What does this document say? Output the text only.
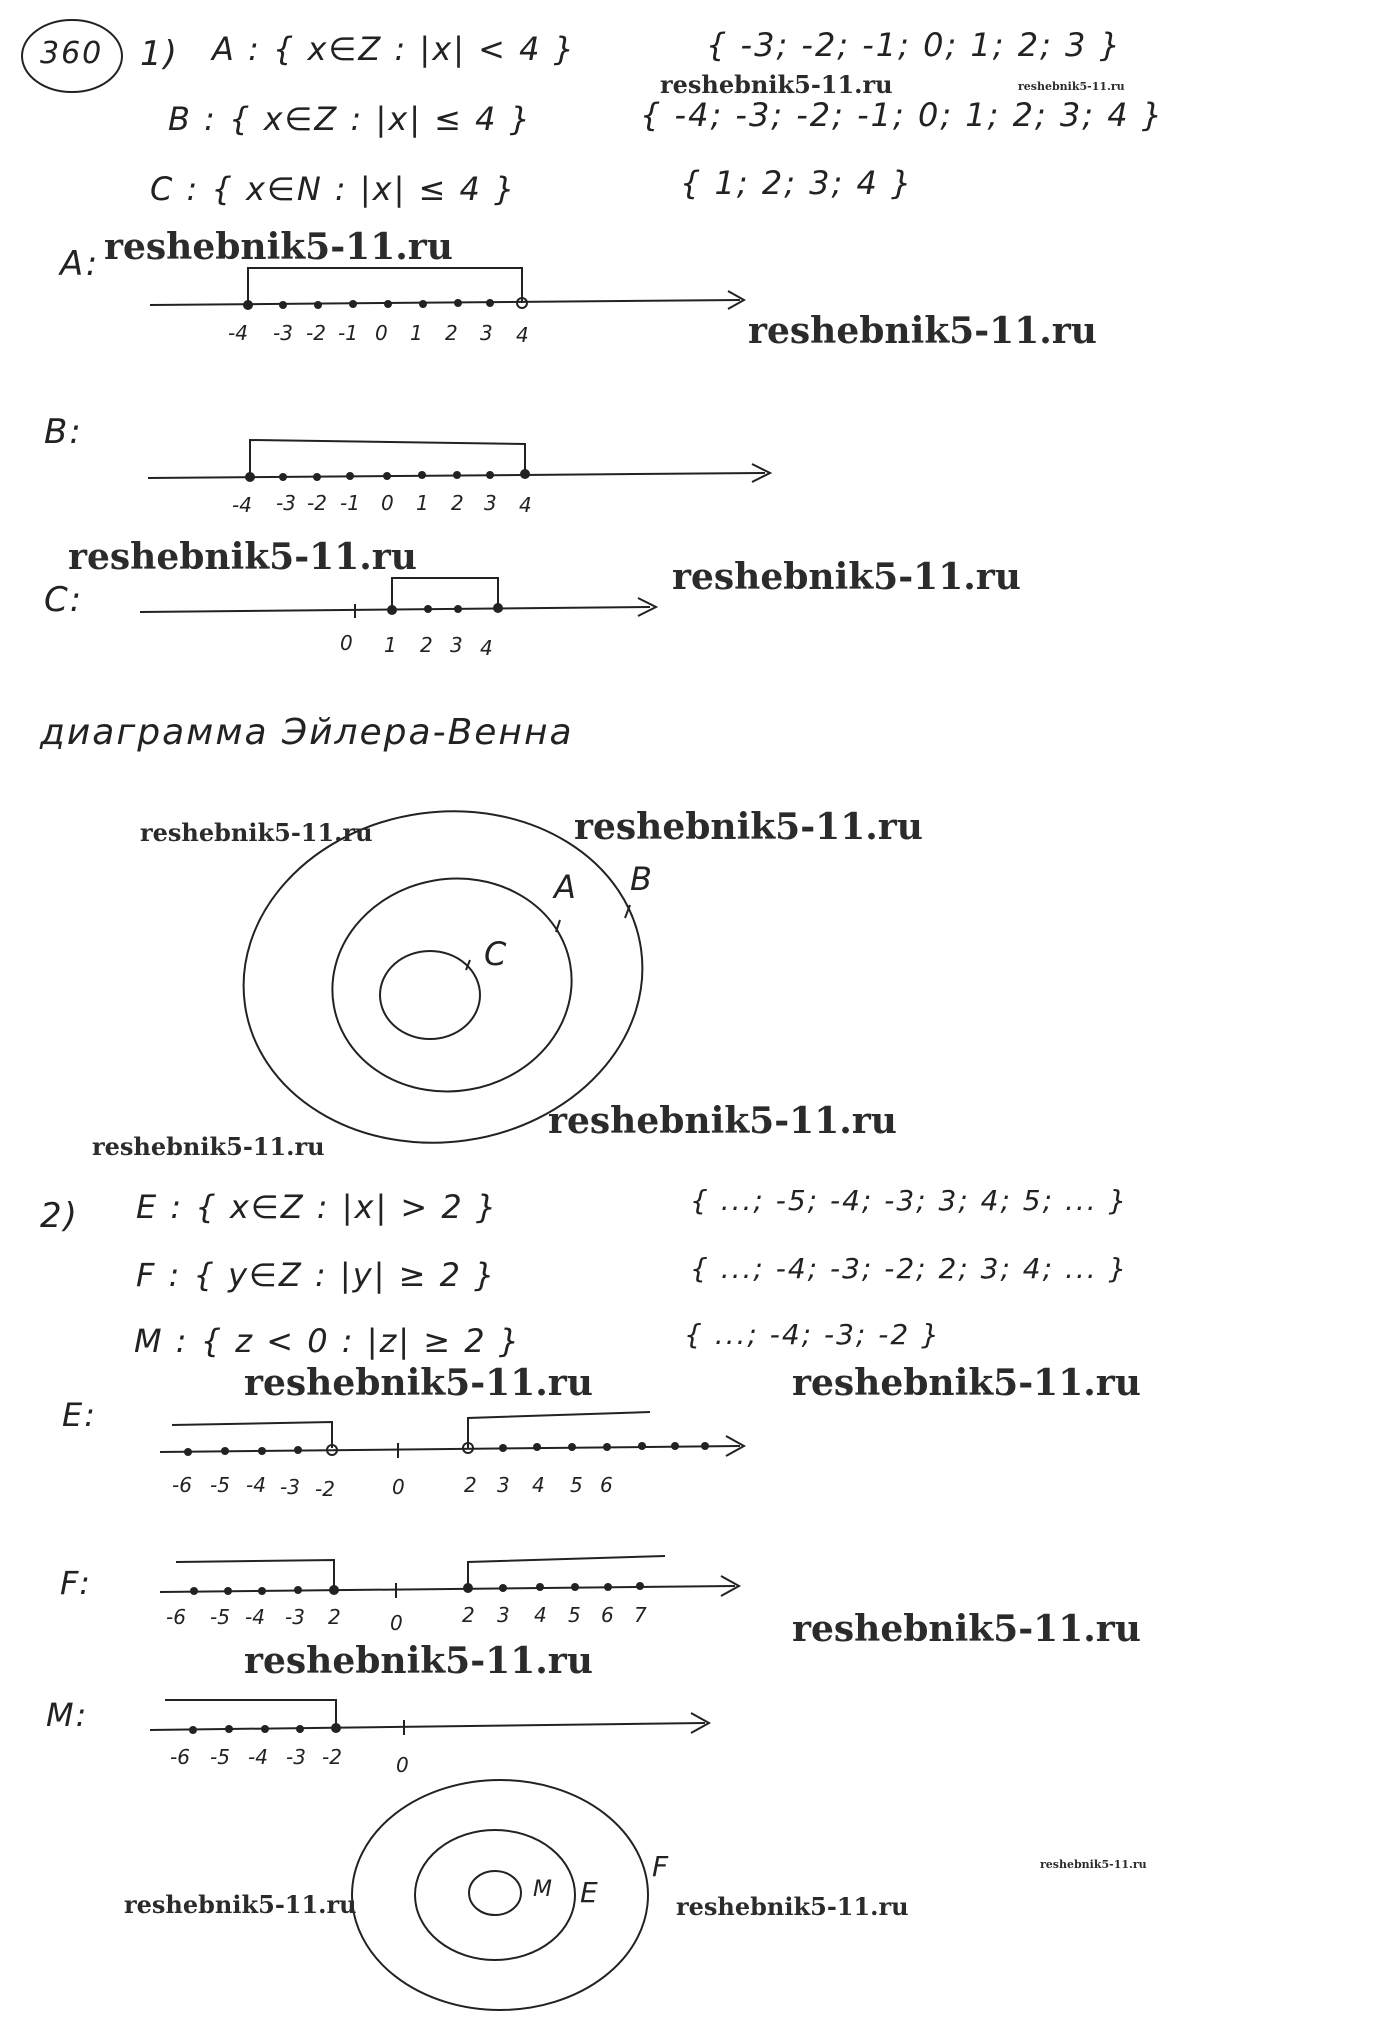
-4 -3 -2 -1 0 1 2 3 4
-4 -3 -2 -1 0 1 2 3 4
0 1 2 3 4
A B
C
-6 -5 -4 -3 -2	0	2 3 4 5 6
-6 -5 -4 -3 2 0	2 3 4 5 6 7
-6 -5 -4 -3 -2	0
M E
F
360 1) A : { x∈Z : |x| < 4 }	{ -3; -2; -1; 0; 1; 2; 3 }
B : { x∈Z : |x| ≤ 4 }	{ -4; -3; -2; -1; 0; 1; 2; 3; 4 }
C : { x∈N : |x| ≤ 4 }	{ 1; 2; 3; 4 }
A:
B:
C:
диаграмма Эйлера-Венна
2) E : { x∈Z : |x| > 2 }	{ ...; -5; -4; -3; 3; 4; 5; ... }
F : { y∈Z : |y| ≥ 2 }	{ ...; -4; -3; -2; 2; 3; 4; ... }
M : { z < 0 : |z| ≥ 2 }	{ ...; -4; -3; -2 }
E:
F:
M:
reshebnik5-11.ru	reshebnik5-11.ru
reshebnik5-11.ru
reshebnik5-11.ru
reshebnik5-11.ru	reshebnik5-11.ru
reshebnik5-11.ru	reshebnik5-11.ru
reshebnik5-11.ru
reshebnik5-11.ru
reshebnik5-11.ru	reshebnik5-11.ru
reshebnik5-11.ru
reshebnik5-11.ru
reshebnik5-11.ru
reshebnik5-11.ru	reshebnik5-11.ru
